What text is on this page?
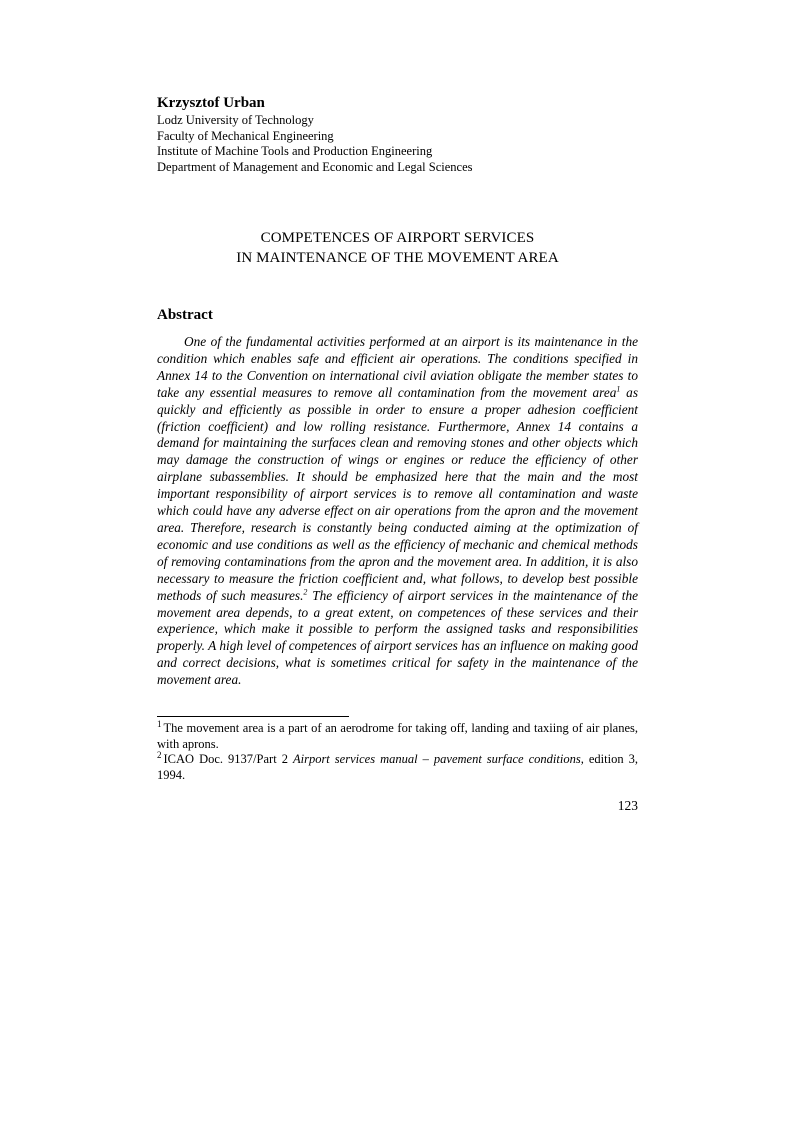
Krzysztof Urban

Lodz University of Technology

Faculty of Mechanical Engineering

Institute of Machine Tools and Production Engineering

Department of Management and Economic and Legal Sciences

COMPETENCES OF AIRPORT SERVICES
IN MAINTENANCE OF THE MOVEMENT AREA
Abstract

One of the fundamental activities performed at an airport is its maintenance in the condition which enables safe and efficient air operations. The conditions specified in Annex 14 to the Convention on international civil aviation obligate the member states to take any essential measures to remove all contamination from the movement area$^1$ as quickly and efficiently as possible in order to ensure a proper adhesion coefficient (friction coefficient) and low rolling resistance. Furthermore, Annex 14 contains a demand for maintaining the surfaces clean and removing stones and other objects which may damage the construction of wings or engines or reduce the efficiency of other airplane subassemblies. It should be emphasized here that the main and the most important responsibility of airport services is to remove all contamination and waste which could have any adverse effect on air operations from the apron and the movement area. Therefore, research is constantly being conducted aiming at the optimization of economic and use conditions as well as the efficiency of mechanic and chemical methods of removing contaminations from the apron and the movement area. In addition, it is also necessary to measure the friction coefficient and, what follows, to develop best possible methods of such measures.$^2$ The efficiency of airport services in the maintenance of the movement area depends, to a great extent, on competences of these services and their experience, which make it possible to perform the assigned tasks and responsibilities properly. A high level of competences of airport services has an influence on making good and correct decisions, what is sometimes critical for safety in the maintenance of the movement area.

$^1$ The movement area is a part of an aerodrome for taking off, landing and taxiing of air planes, with aprons.

$^2$ ICAO Doc. 9137/Part 2 Airport services manual – pavement surface conditions, edition 3, 1994.

123
